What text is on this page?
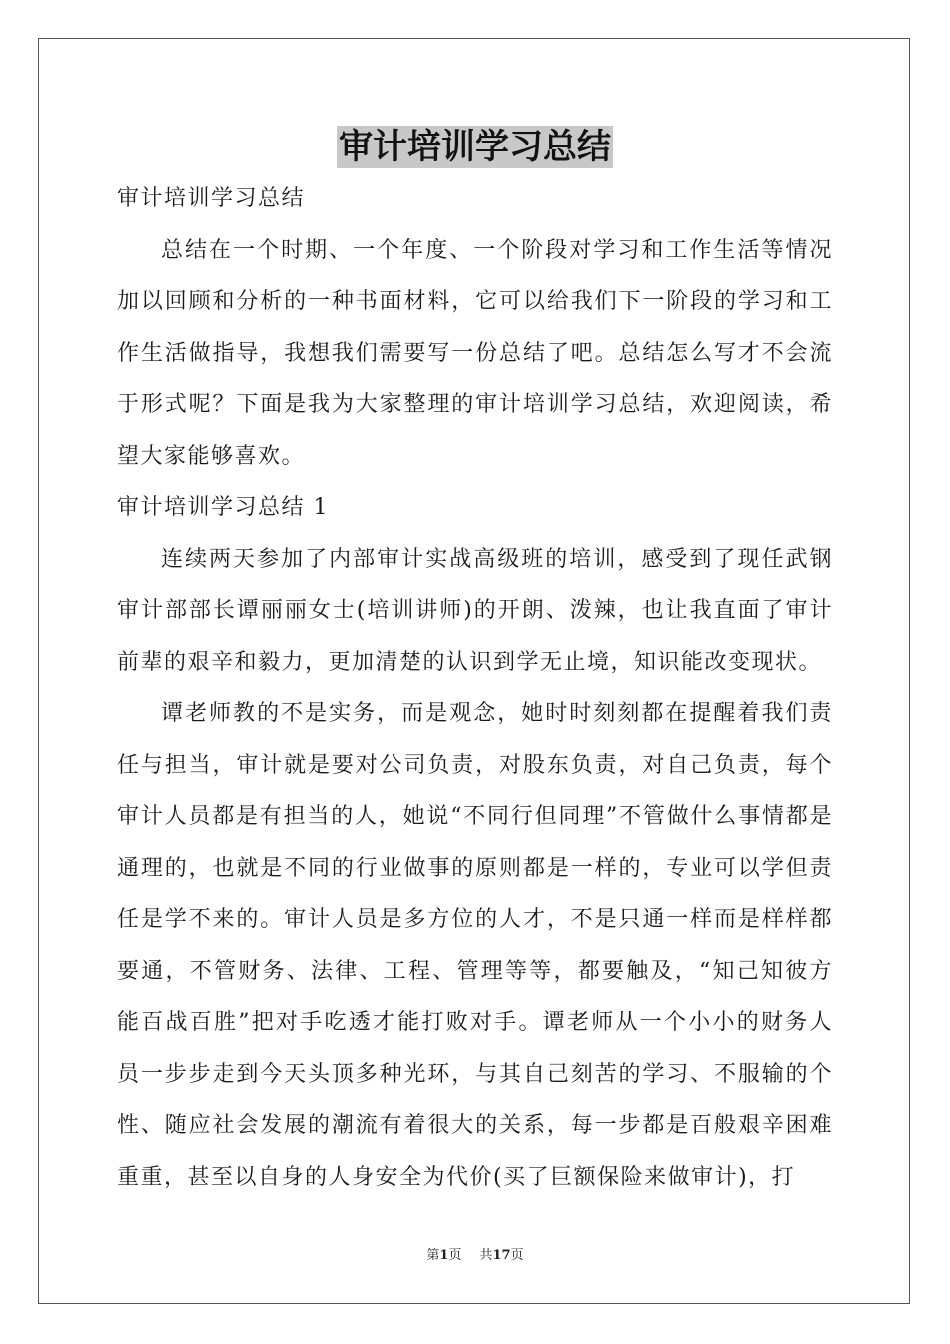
审计培训学习总结

审计培训学习总结

总结在一个时期、一个年度、一个阶段对学习和工作生活等情况加以回顾和分析的一种书面材料，它可以给我们下一阶段的学习和工作生活做指导，我想我们需要写一份总结了吧。总结怎么写才不会流于形式呢？下面是我为大家整理的审计培训学习总结，欢迎阅读，希望大家能够喜欢。

审计培训学习总结 1

连续两天参加了内部审计实战高级班的培训，感受到了现任武钢审计部部长谭丽丽女士(培训讲师)的开朗、泼辣，也让我直面了审计前辈的艰辛和毅力，更加清楚的认识到学无止境，知识能改变现状。

谭老师教的不是实务，而是观念，她时时刻刻都在提醒着我们责任与担当，审计就是要对公司负责，对股东负责，对自己负责，每个审计人员都是有担当的人，她说“不同行但同理”不管做什么事情都是通理的，也就是不同的行业做事的原则都是一样的，专业可以学但责任是学不来的。审计人员是多方位的人才，不是只通一样而是样样都要通，不管财务、法律、工程、管理等等，都要触及，“知己知彼方能百战百胜”把对手吃透才能打败对手。谭老师从一个小小的财务人员一步步走到今天头顶多种光环，与其自己刻苦的学习、不服输的个性、随应社会发展的潮流有着很大的关系，每一步都是百般艰辛困难重重，甚至以自身的人身安全为代价(买了巨额保险来做审计)，打

第1页 共17页
